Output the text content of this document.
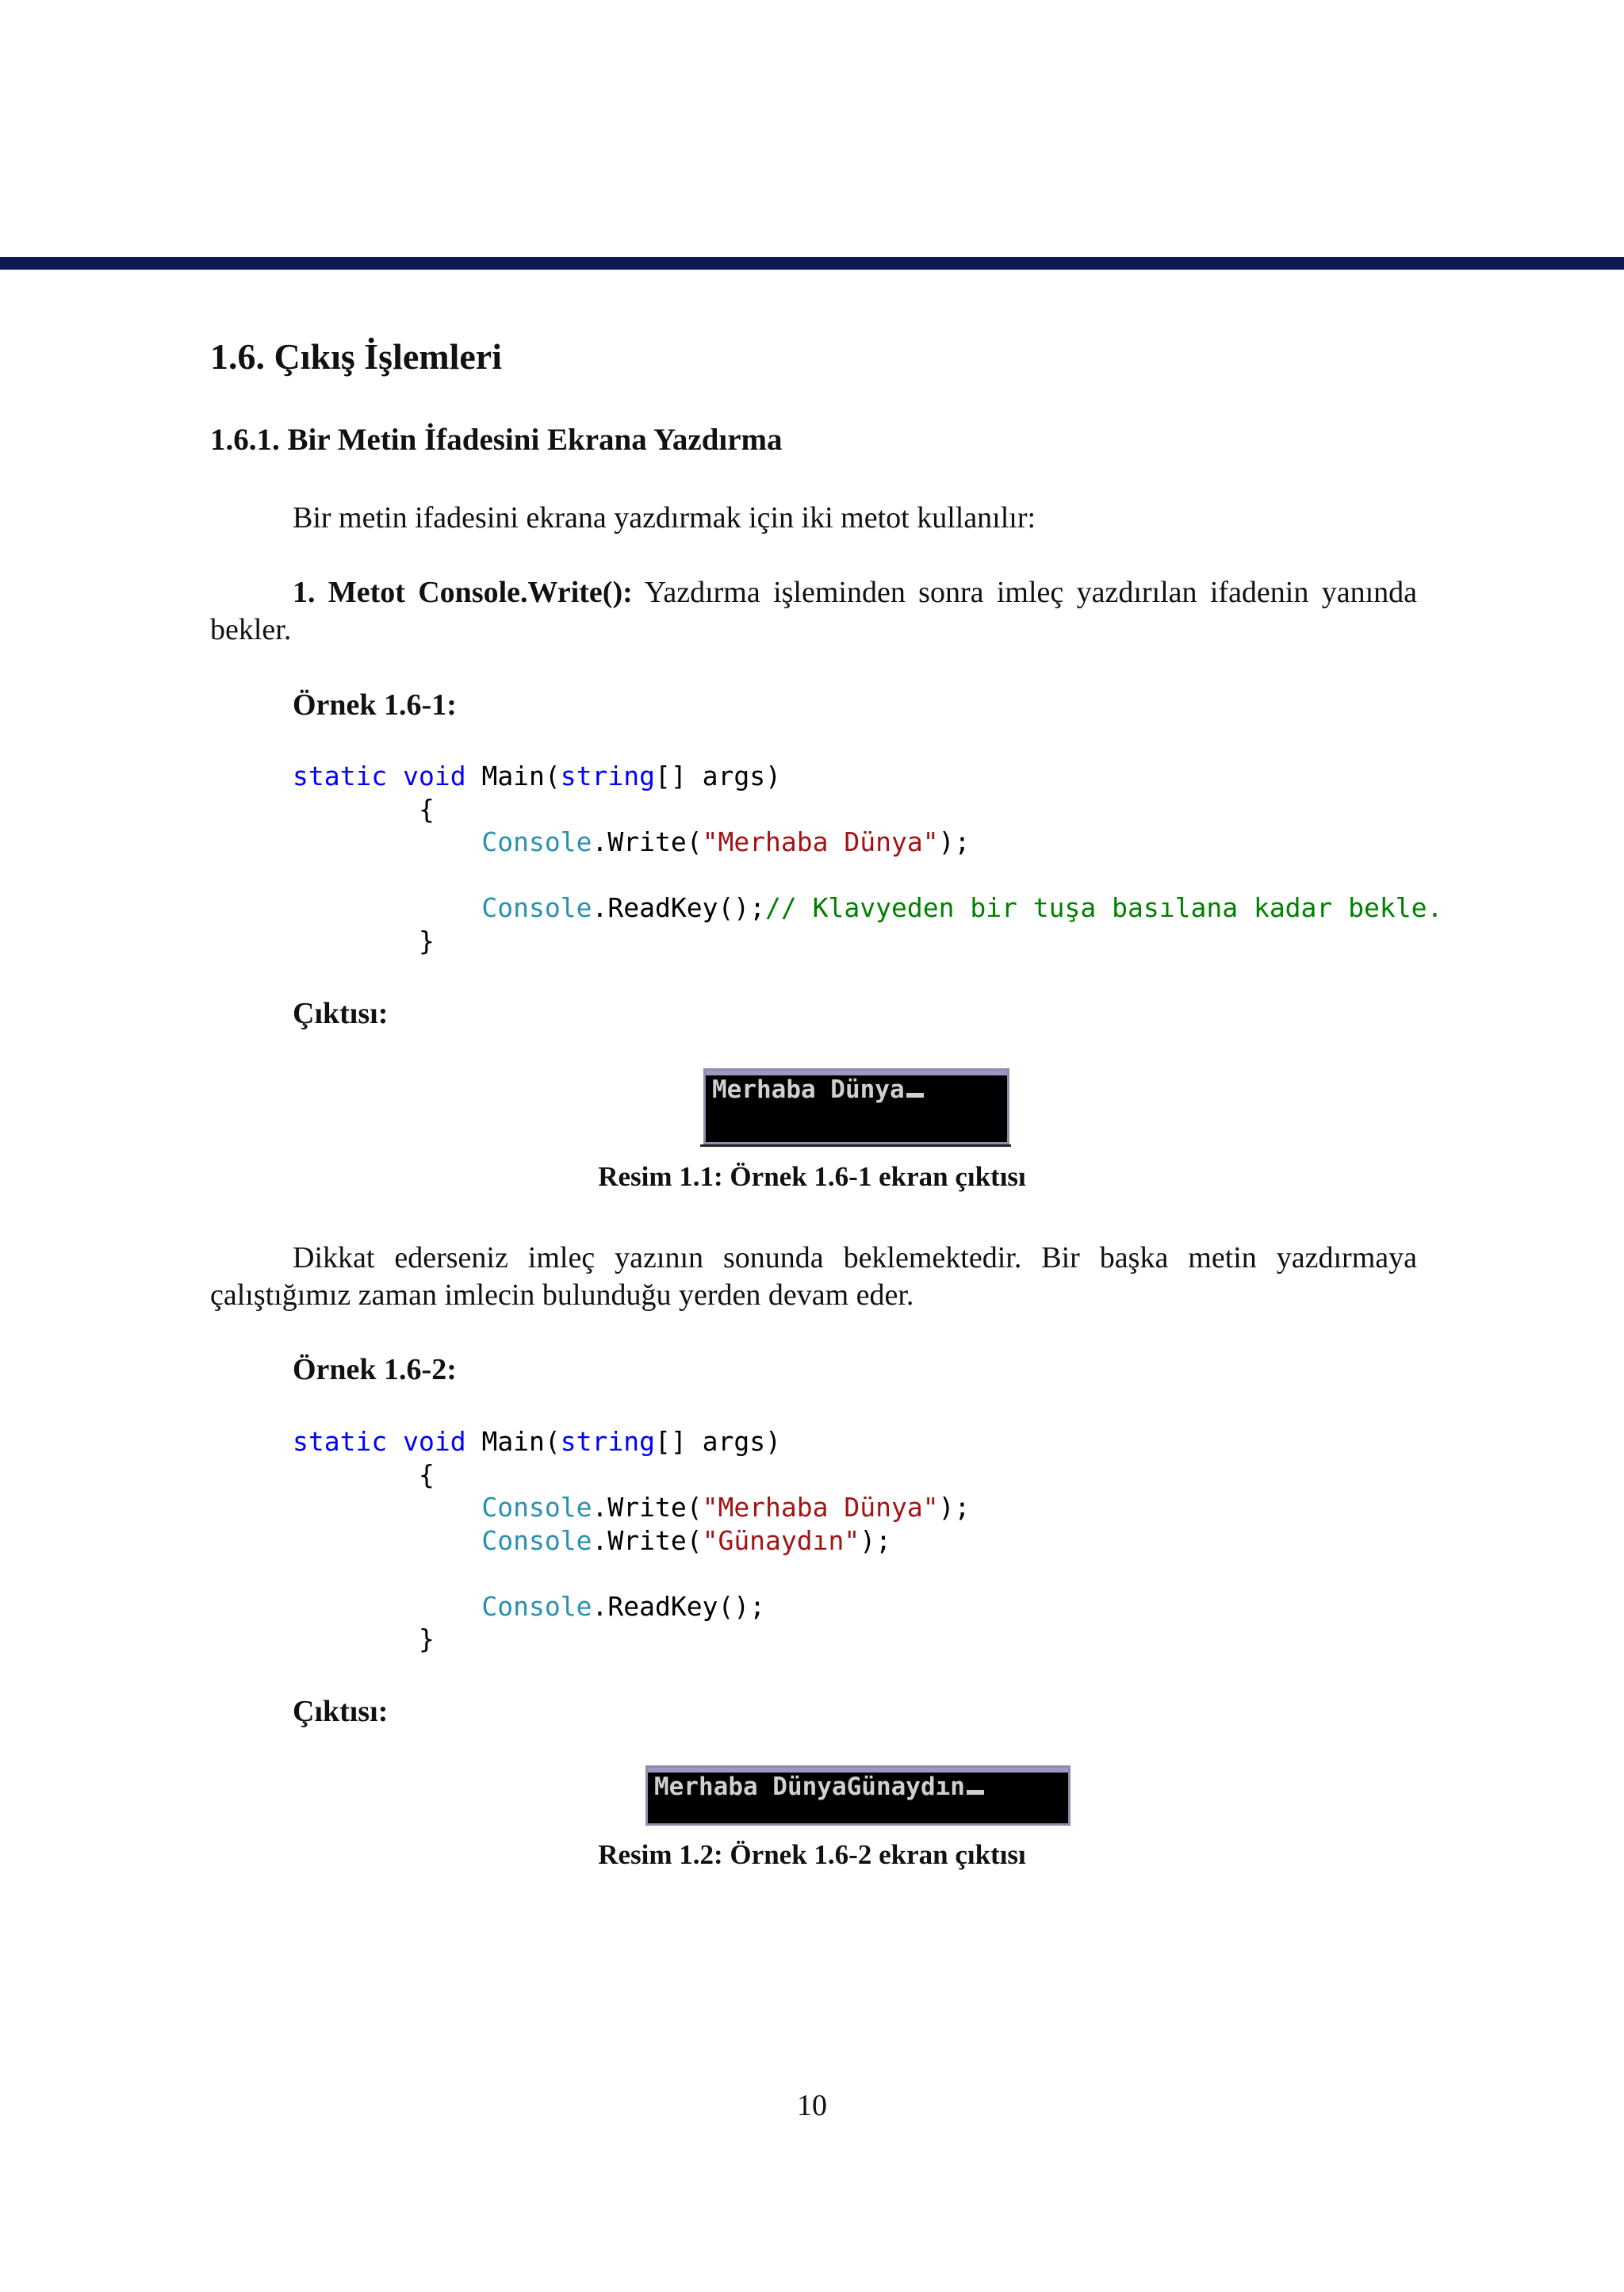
1.6. Çıkış İşlemleri
1.6.1. Bir Metin İfadesini Ekrana Yazdırma

Bir metin ifadesini ekrana yazdırmak için iki metot kullanılır:

1. Metot Console.Write(): Yazdırma işleminden sonra imleç yazdırılan ifadenin yanında bekler.

Örnek 1.6-1:
static void Main(string[] args)
{
Console.Write("Merhaba Dünya");

Console.ReadKey();// Klavyeden bir tuşa basılana kadar bekle.
}
Çıktısı:
Merhaba Dünya
Resim 1.1: Örnek 1.6-1 ekran çıktısı

Dikkat ederseniz imleç yazının sonunda beklemektedir. Bir başka metin yazdırmaya çalıştığımız zaman imlecin bulunduğu yerden devam eder.

Örnek 1.6-2:
static void Main(string[] args)
{
Console.Write("Merhaba Dünya");
Console.Write("Günaydın");

Console.ReadKey();
}
Çıktısı:
Merhaba DünyaGünaydın
Resim 1.2: Örnek 1.6-2 ekran çıktısı
10
